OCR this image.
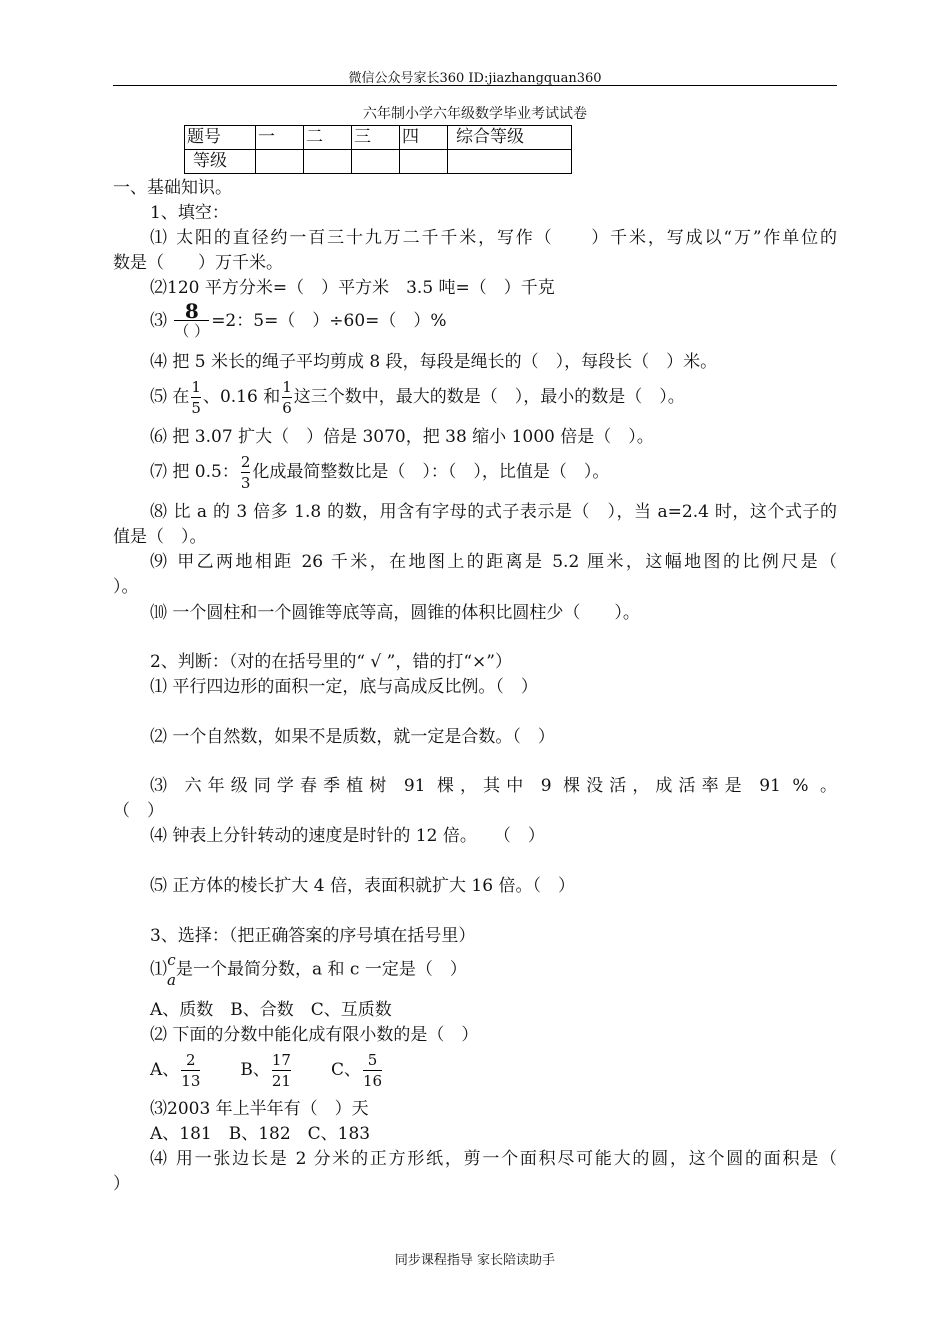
微信公众号家长360 ID:jiazhangquan360
六年制小学六年级数学毕业考试试卷
题号	一	二	三	四	综合等级
等级					
一、基础知识。
1、填空：
⑴ 太阳的直径约一百三十九万二千千米，写作（　　）千米，写成以“万”作单位的
数是（　　）万千米。
⑵120 平方分米=（　）平方米　3.5 吨=（　）千克
⑶ $\frac{8}{( )} =2$：5=（　）÷60=（　）%
⑷ 把 5 米长的绳子平均剪成 8 段，每段是绳长的（　），每段长（　）米。
⑸ 在 $\frac{1}{5}$ 、0.16 和 $\frac{1}{6}$ 这三个数中，最大的数是（　），最小的数是（　）。
⑹ 把 3.07 扩大（　）倍是 3070，把 38 缩小 1000 倍是（　）。
⑺ 把 0.5： $\frac{2}{3}$ 化成最简整数比是（　）：（　），比值是（　）。
⑻ 比 a 的 3 倍多 1.8 的数，用含有字母的式子表示是（　），当 a=2.4 时，这个式子的
值是（　）。
⑼ 甲乙两地相距 26 千米，在地图上的距离是 5.2 厘米，这幅地图的比例尺是（
）。
⑽ 一个圆柱和一个圆锥等底等高，圆锥的体积比圆柱少（　　）。
2、判断：（对的在括号里的“ √ ”，错的打“×”）
⑴ 平行四边形的面积一定，底与高成反比例。（　）
⑵ 一个自然数，如果不是质数，就一定是合数。（　）
⑶ 六年级同学春季植树 91 棵，其中 9 棵没活，成活率是 91 % 。
（　）
⑷ 钟表上分针转动的速度是时针的 12 倍。　　（　）
⑸ 正方体的棱长扩大 4 倍，表面积就扩大 16 倍。（　）
3、选择：（把正确答案的序号填在括号里）
⑴ c
a
是一个最简分数，a 和 c 一定是（　）
A、质数　B、合数　C、互质数
⑵ 下面的分数中能化成有限小数的是（　）
A、 $\frac{2}{13}$ B、 $\frac{17}{21}$ C、 $\frac{5}{16}$
⑶2003 年上半年有（　）天
A、181　B、182　C、183
⑷ 用一张边长是 2 分米的正方形纸，剪一个面积尽可能大的圆，这个圆的面积是（
）
同步课程指导 家长陪读助手
